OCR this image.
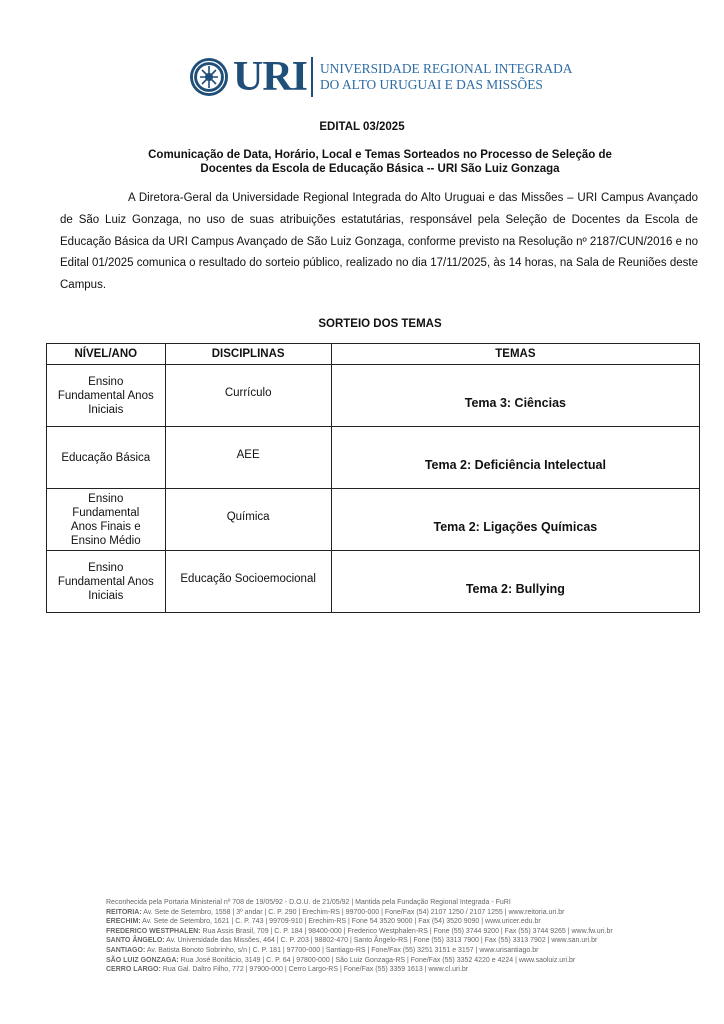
URI UNIVERSIDADE REGIONAL INTEGRADA
DO ALTO URUGUAI E DAS MISSÕES
EDITAL 03/2025
Comunicação de Data, Horário, Local e Temas Sorteados no Processo de Seleção de
Docentes da Escola de Educação Básica -- URI São Luiz Gonzaga

A Diretora-Geral da Universidade Regional Integrada do Alto Uruguai e das Missões – URI Campus Avançado de São Luiz Gonzaga, no uso de suas atribuições estatutárias, responsável pela Seleção de Docentes da Escola de Educação Básica da URI Campus Avançado de São Luiz Gonzaga, conforme previsto na Resolução nº 2187/CUN/2016 e no Edital 01/2025 comunica o resultado do sorteio público, realizado no dia 17/11/2025, às 14 horas, na Sala de Reuniões deste Campus.

SORTEIO DOS TEMAS
NÍVEL/ANO	DISCIPLINAS	TEMAS

Ensino
Fundamental Anos
Iniciais	Currículo	Tema 3: Ciências

Educação Básica	AEE	Tema 2: Deficiência Intelectual

Ensino
Fundamental
Anos Finais e
Ensino Médio	Química	Tema 2: Ligações Químicas

Ensino
Fundamental Anos
Iniciais	Educação Socioemocional	Tema 2: Bullying
Reconhecida pela Portaria Ministerial nº 708 de 19/05/92 - D.O.U. de 21/05/92 | Mantida pela Fundação Regional Integrada - FuRI
REITORIA: Av. Sete de Setembro, 1558 | 3º andar | C. P. 290 | Erechim-RS | 99700-000 | Fone/Fax (54) 2107 1250 / 2107 1255 | www.reitoria.uri.br
ERECHIM: Av. Sete de Setembro, 1621 | C. P. 743 | 99709-910 | Erechim-RS | Fone 54 3520 9000 | Fax (54) 3520 9090 | www.uricer.edu.br
FREDERICO WESTPHALEN: Rua Assis Brasil, 709 | C. P. 184 | 98400-000 | Frederico Westphalen-RS | Fone (55) 3744 9200 | Fax (55) 3744 9265 | www.fw.uri.br
SANTO ÂNGELO: Av. Universidade das Missões, 464 | C. P. 203 | 98802-470 | Santo Ângelo-RS | Fone (55) 3313 7900 | Fax (55) 3313 7902 | www.san.uri.br
SANTIAGO: Av. Batista Bonoto Sobrinho, s/n | C. P. 181 | 97700-000 | Santiago-RS | Fone/Fax (55) 3251 3151 e 3157 | www.urisantiago.br
SÃO LUIZ GONZAGA: Rua José Bonifácio, 3149 | C. P. 64 | 97800-000 | São Luiz Gonzaga-RS | Fone/Fax (55) 3352 4220 e 4224 | www.saoluiz.uri.br
CERRO LARGO: Rua Gal. Daltro Filho, 772 | 97900-000 | Cerro Largo-RS | Fone/Fax (55) 3359 1613 | www.cl.uri.br
